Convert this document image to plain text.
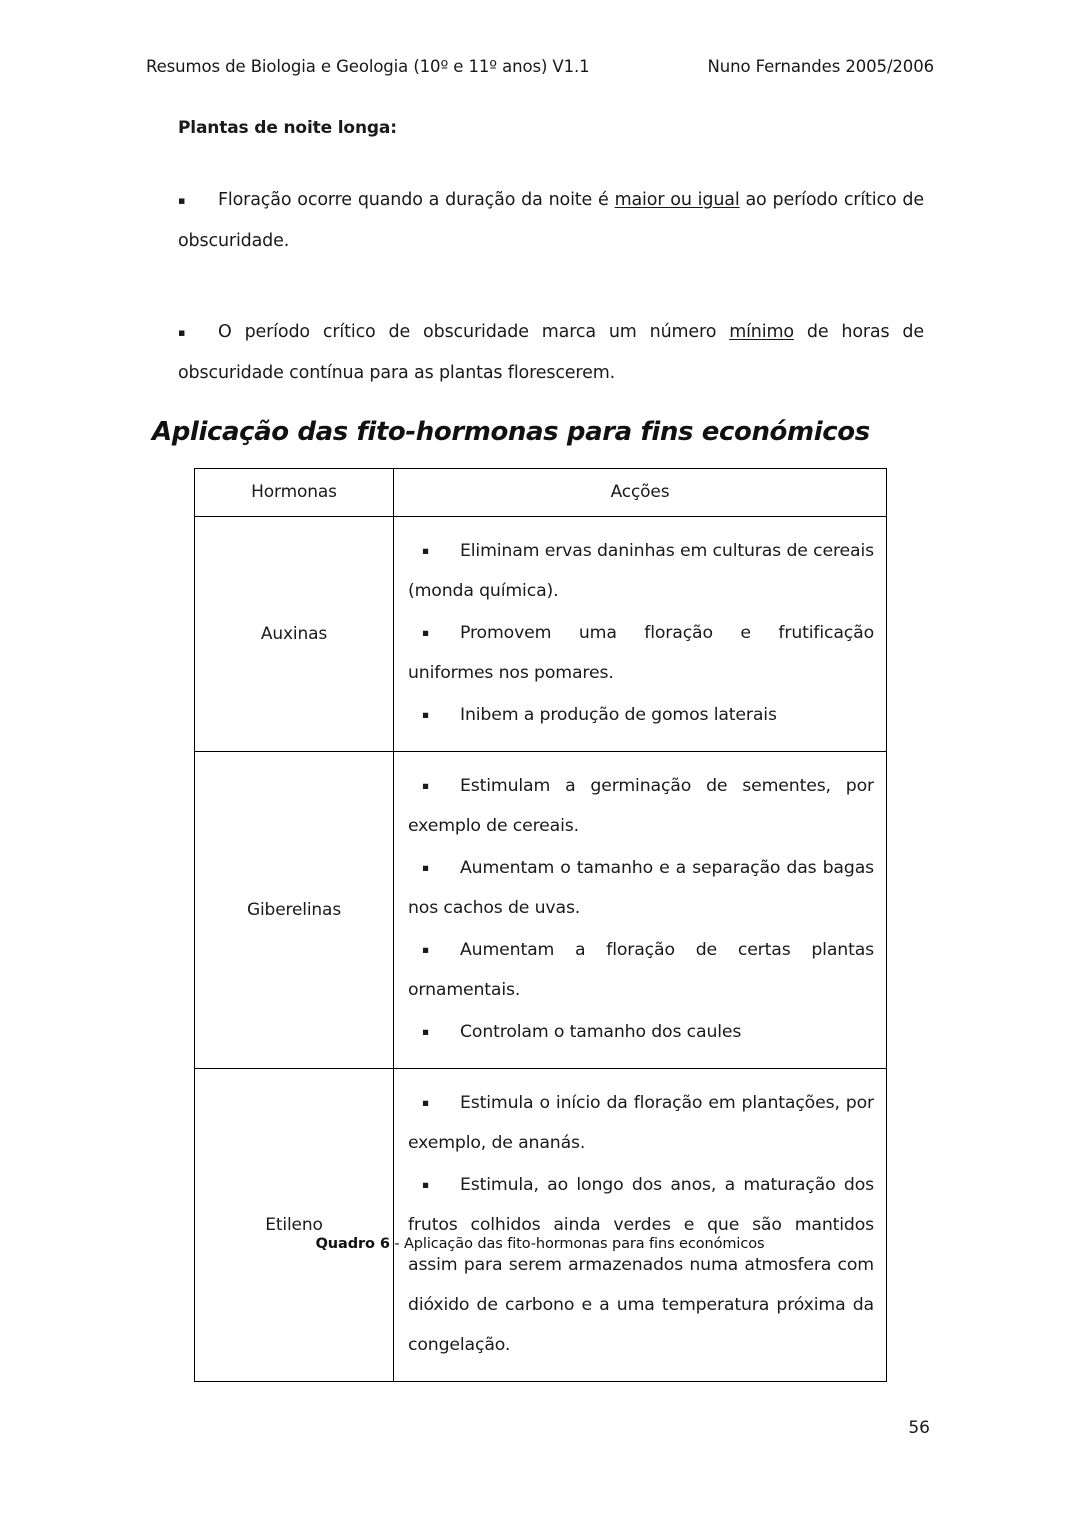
Resumos de Biologia e Geologia (10º e 11º anos) V1.1	Nuno Fernandes 2005/2006

Plantas de noite longa:

▪	Floração ocorre quando a duração da noite é maior ou igual ao período crítico de obscuridade.

▪	O período crítico de obscuridade marca um número mínimo de horas de obscuridade contínua para as plantas florescerem.

Aplicação das fito-hormonas para fins económicos
Hormonas	Acções
Auxinas	
▪	Eliminam ervas daninhas em culturas de cereais (monda química).
▪	Promovem uma floração e frutificação uniformes nos pomares.
▪	Inibem a produção de gomos laterais

Giberelinas	
▪	Estimulam a germinação de sementes, por exemplo de cereais.
▪	Aumentam o tamanho e a separação das bagas nos cachos de uvas.
▪	Aumentam a floração de certas plantas ornamentais.
▪	Controlam o tamanho dos caules

Etileno	▪ Estimula o início da floração em plantações, por exemplo, de ananás.
▪ Estimula, ao longo dos anos, a maturação dos frutos colhidos ainda verdes e que são mantidos assim para serem armazenados numa atmosfera com dióxido de carbono e a uma temperatura próxima da congelação.
Quadro 6 - Aplicação das fito-hormonas para fins económicos
56
